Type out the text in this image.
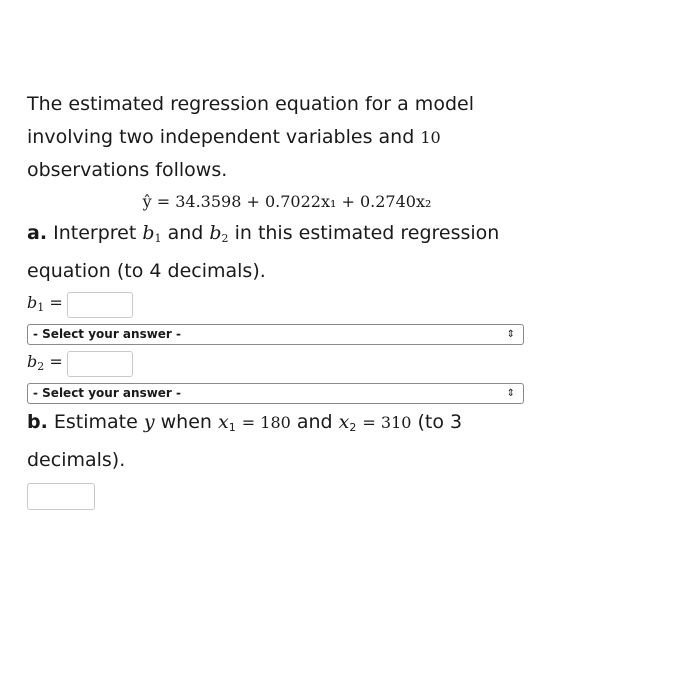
The estimated regression equation for a model
involving two independent variables and 10
observations follows.
ŷ = 34.3598 + 0.7022x₁ + 0.2740x₂
a. Interpret $b_1$ and $b_2$ in this estimated regression
equation (to 4 decimals).
$b_1$ =
- Select your answer -	⇕
$b_2$ =
- Select your answer -	⇕
b. Estimate y when $x_1 = 180$ and $x_2 = 310$ (to 3
decimals).
